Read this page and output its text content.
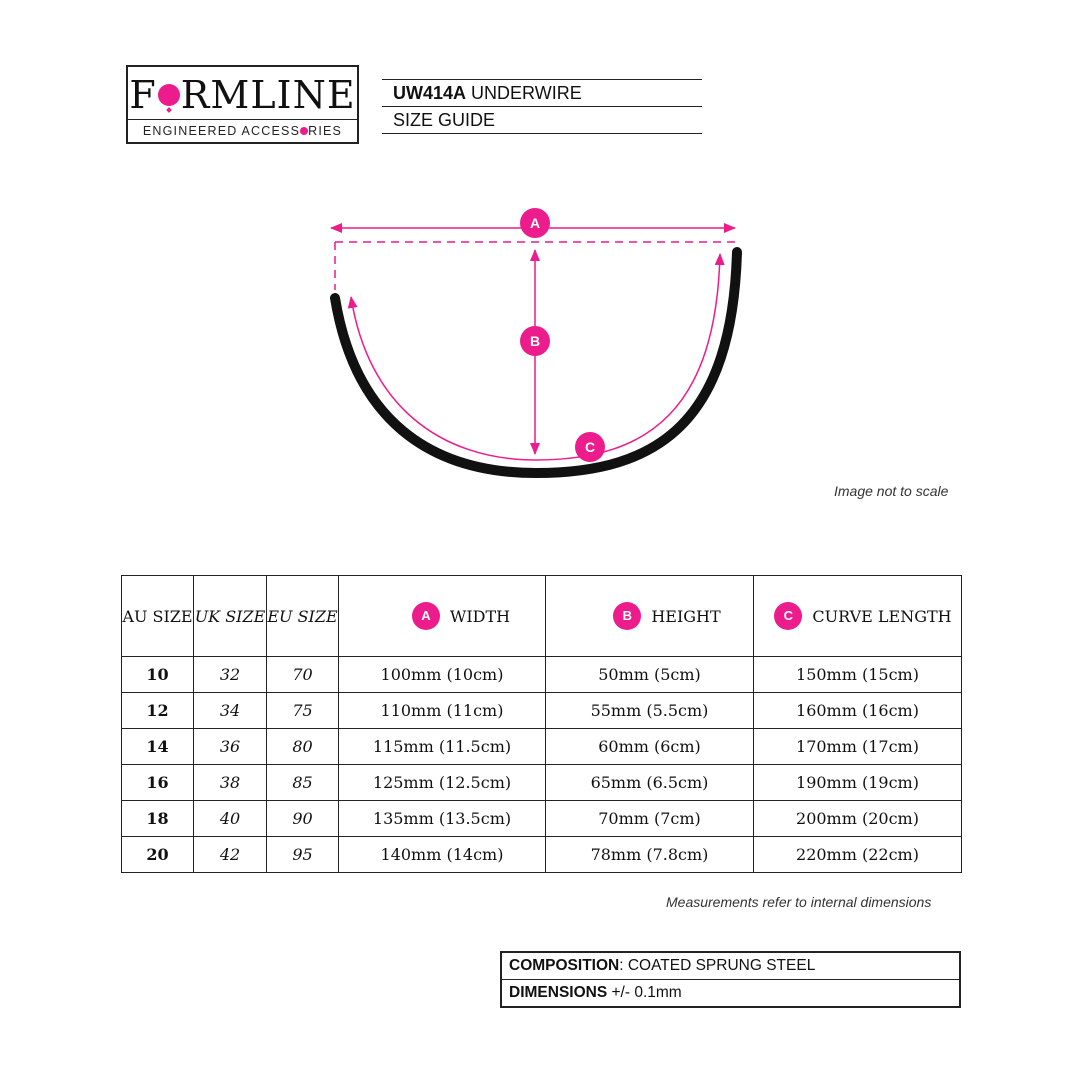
F RMLINE
ENGINEERED ACCESS RIES
UW414A UNDERWIRE
SIZE GUIDE
A
B
C
Image not to scale
AU SIZE	UK SIZE	EU SIZE	A WIDTH	B HEIGHT	C CURVE LENGTH

10	32	70	100mm (10cm)	50mm (5cm)	150mm (15cm)
12	34	75	110mm (11cm)	55mm (5.5cm)	160mm (16cm)
14	36	80	115mm (11.5cm)	60mm (6cm)	170mm (17cm)
16	38	85	125mm (12.5cm)	65mm (6.5cm)	190mm (19cm)
18	40	90	135mm (13.5cm)	70mm (7cm)	200mm (20cm)
20	42	95	140mm (14cm)	78mm (7.8cm)	220mm (22cm)
Measurements refer to internal dimensions
COMPOSITION: COATED SPRUNG STEEL
DIMENSIONS +/- 0.1mm
